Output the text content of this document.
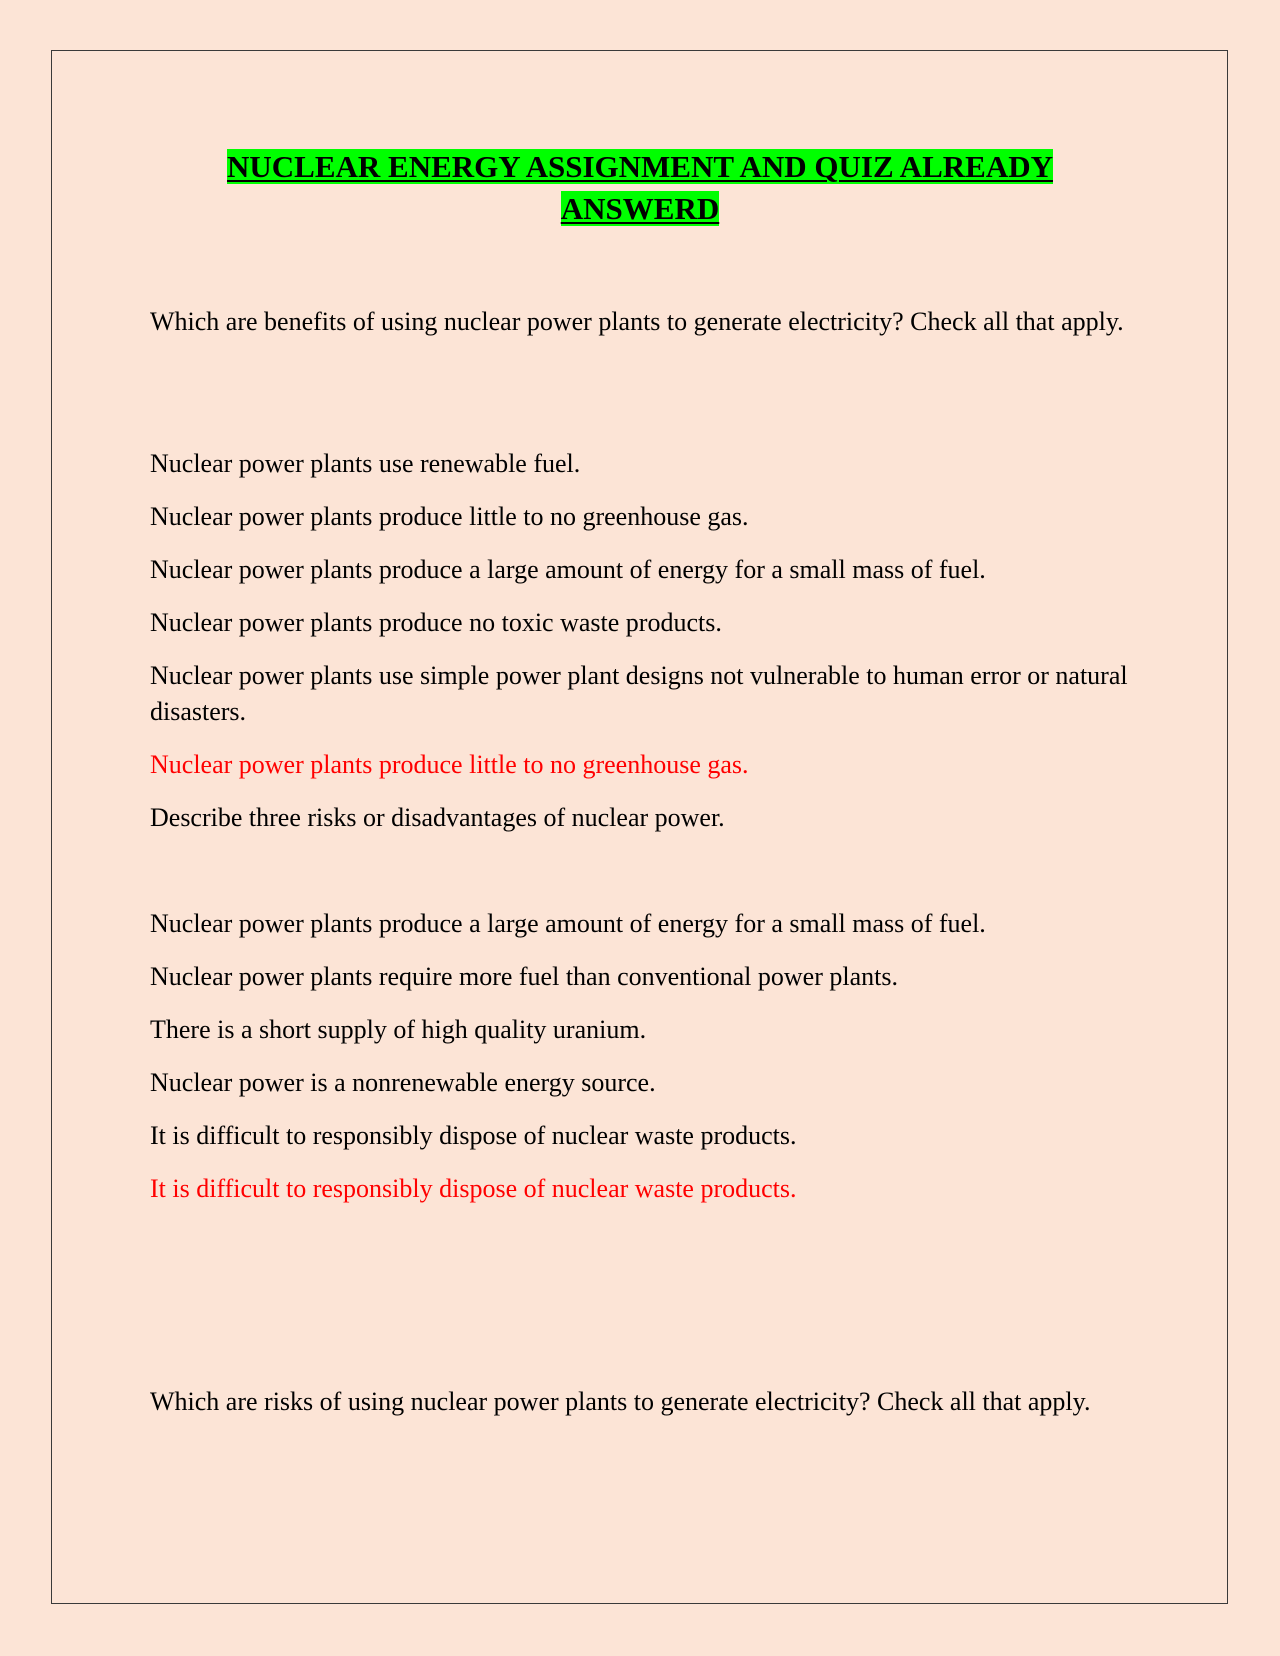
NUCLEAR ENERGY ASSIGNMENT AND QUIZ ALREADY
ANSWERD

Which are benefits of using nuclear power plants to generate electricity? Check all that apply.

Nuclear power plants use renewable fuel.

Nuclear power plants produce little to no greenhouse gas.

Nuclear power plants produce a large amount of energy for a small mass of fuel.

Nuclear power plants produce no toxic waste products.

Nuclear power plants use simple power plant designs not vulnerable to human error or natural disasters.

Nuclear power plants produce little to no greenhouse gas.

Describe three risks or disadvantages of nuclear power.

Nuclear power plants produce a large amount of energy for a small mass of fuel.

Nuclear power plants require more fuel than conventional power plants.

There is a short supply of high quality uranium.

Nuclear power is a nonrenewable energy source.

It is difficult to responsibly dispose of nuclear waste products.

It is difficult to responsibly dispose of nuclear waste products.

Which are risks of using nuclear power plants to generate electricity? Check all that apply.
